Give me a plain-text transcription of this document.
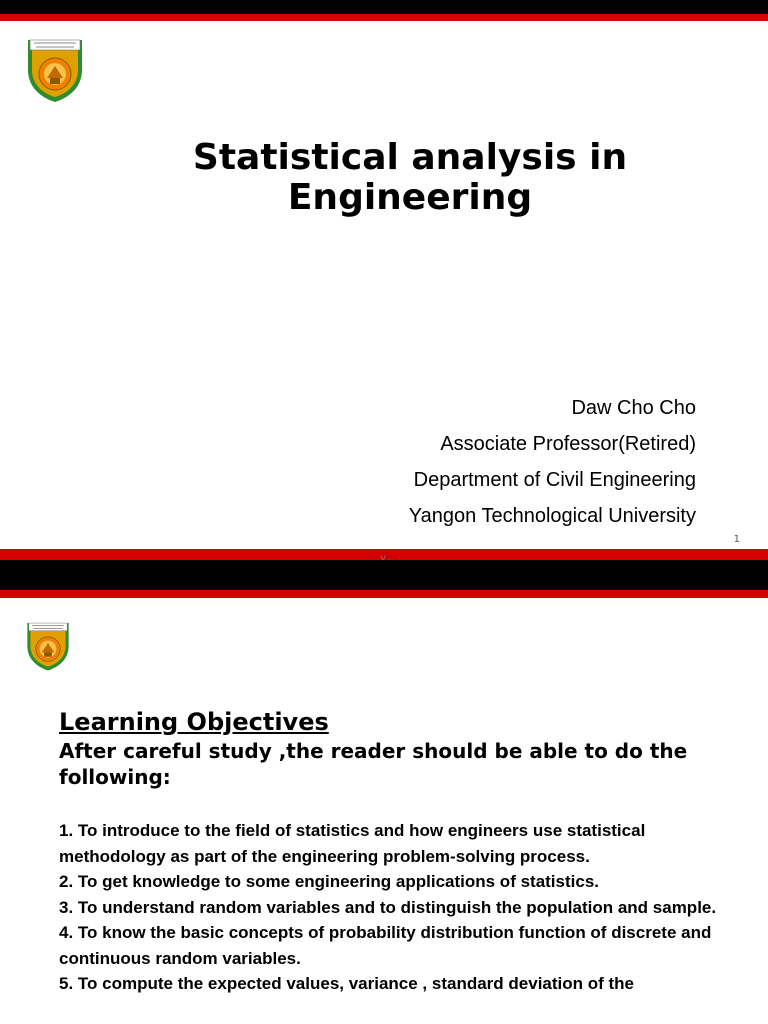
Statistical analysis in Engineering
Daw Cho Cho
Associate Professor(Retired)
Department of Civil Engineering
Yangon Technological University
1
v
Learning Objectives
After careful study ,the reader should be able to do the following:
1. To introduce to the field of statistics and how engineers use statistical methodology as part of the engineering problem-solving process.
2. To get knowledge to some engineering applications of statistics.
3. To understand random variables and to distinguish the population and sample.
4. To know the basic concepts of probability distribution function of discrete and continuous random variables.
5. To compute the expected values, variance , standard deviation of the
